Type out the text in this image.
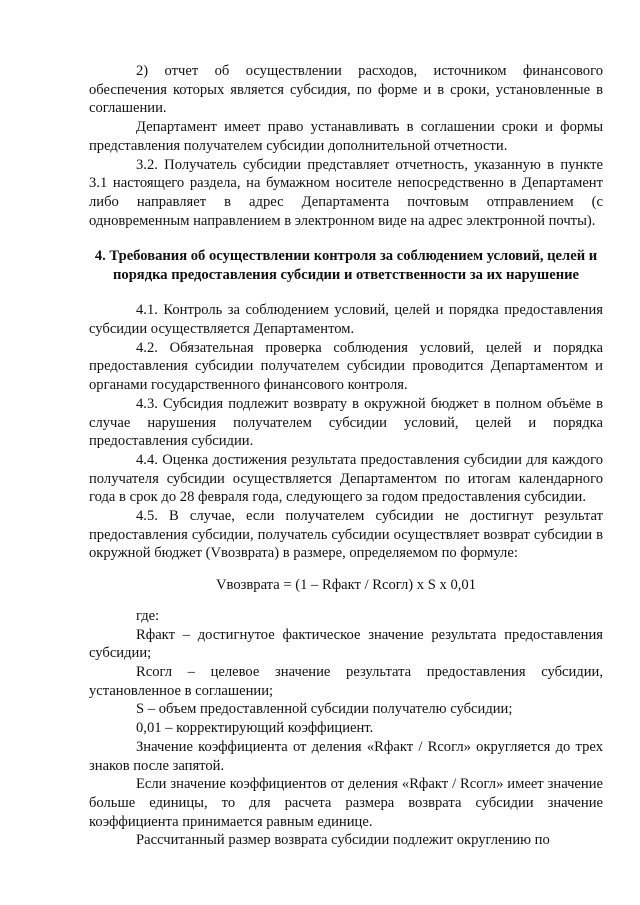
2) отчет об осуществлении расходов, источником финансового обеспечения которых является субсидия, по форме и в сроки, установленные в соглашении.

Департамент имеет право устанавливать в соглашении сроки и формы представления получателем субсидии дополнительной отчетности.

3.2. Получатель субсидии представляет отчетность, указанную в пункте 3.1 настоящего раздела, на бумажном носителе непосредственно в Департамент либо направляет в адрес Департамента почтовым отправлением (с одновременным направлением в электронном виде на адрес электронной почты).

4. Требования об осуществлении контроля за соблюдением условий, целей и порядка предоставления субсидии и ответственности за их нарушение

4.1. Контроль за соблюдением условий, целей и порядка предоставления субсидии осуществляется Департаментом.

4.2. Обязательная проверка соблюдения условий, целей и порядка предоставления субсидии получателем субсидии проводится Департаментом и органами государственного финансового контроля.

4.3. Субсидия подлежит возврату в окружной бюджет в полном объёме в случае нарушения получателем субсидии условий, целей и порядка предоставления субсидии.

4.4. Оценка достижения результата предоставления субсидии для каждого получателя субсидии осуществляется Департаментом по итогам календарного года в срок до 28 февраля года, следующего за годом предоставления субсидии.

4.5. В случае, если получателем субсидии не достигнут результат предоставления субсидии, получатель субсидии осуществляет возврат субсидии в окружной бюджет (Vвозврата) в размере, определяемом по формуле:

Vвозврата = (1 – Rфакт / Rсогл) x S x 0,01

где:

Rфакт – достигнутое фактическое значение результата предоставления субсидии;

Rсогл – целевое значение результата предоставления субсидии, установленное в соглашении;

S – объем предоставленной субсидии получателю субсидии;

0,01 – корректирующий коэффициент.

Значение коэффициента от деления «Rфакт / Rсогл» округляется до трех знаков после запятой.

Если значение коэффициентов от деления «Rфакт / Rсогл» имеет значение больше единицы, то для расчета размера возврата субсидии значение коэффициента принимается равным единице.

Рассчитанный размер возврата субсидии подлежит округлению по
